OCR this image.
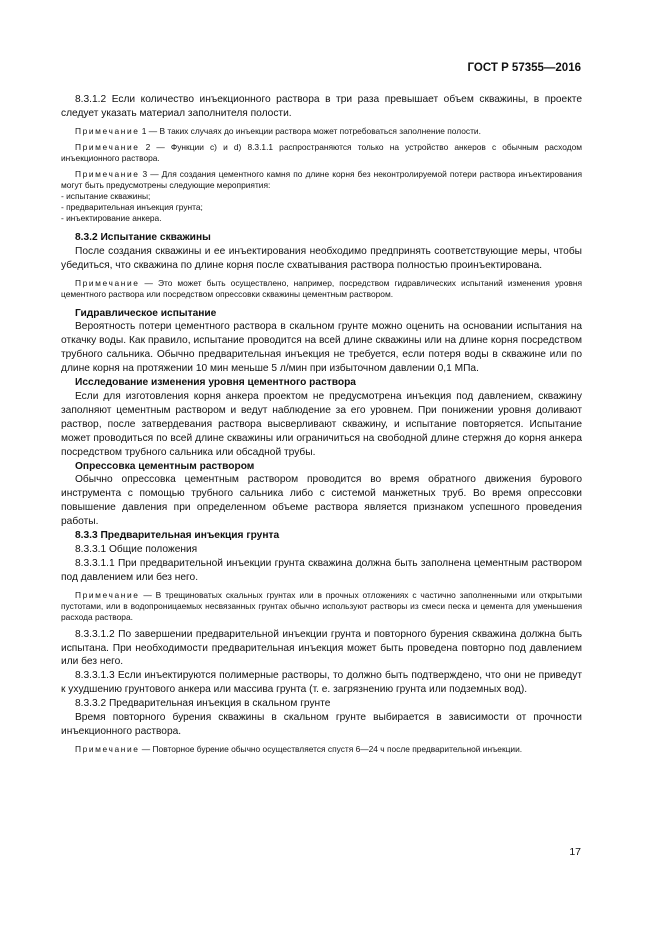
ГОСТ Р 57355—2016

8.3.1.2 Если количество инъекционного раствора в три раза превышает объем скважины, в проекте следует указать материал заполнителя полости.

Примечание 1 — В таких случаях до инъекции раствора может потребоваться заполнение полости.

Примечание 2 — Функции c) и d) 8.3.1.1 распространяются только на устройство анкеров с обычным расходом инъекционного раствора.

Примечание 3 — Для создания цементного камня по длине корня без неконтролируемой потери раствора инъектирования могут быть предусмотрены следующие мероприятия:

- испытание скважины;

- предварительная инъекция грунта;

- инъектирование анкера.

8.3.2 Испытание скважины

После создания скважины и ее инъектирования необходимо предпринять соответствующие меры, чтобы убедиться, что скважина по длине корня после схватывания раствора полностью проинъектирована.

Примечание — Это может быть осуществлено, например, посредством гидравлических испытаний изменения уровня цементного раствора или посредством опрессовки скважины цементным раствором.

Гидравлическое испытание

Вероятность потери цементного раствора в скальном грунте можно оценить на основании испытания на откачку воды. Как правило, испытание проводится на всей длине скважины или на длине корня посредством трубного сальника. Обычно предварительная инъекция не требуется, если потеря воды в скважине или по длине корня на протяжении 10 мин меньше 5 л/мин при избыточном давлении 0,1 МПа.

Исследование изменения уровня цементного раствора

Если для изготовления корня анкера проектом не предусмотрена инъекция под давлением, скважину заполняют цементным раствором и ведут наблюдение за его уровнем. При понижении уровня доливают раствор, после затвердевания раствора высверливают скважину, и испытание повторяется. Испытание может проводиться по всей длине скважины или ограничиться на свободной длине стержня до корня анкера посредством трубного сальника или обсадной трубы.

Опрессовка цементным раствором

Обычно опрессовка цементным раствором проводится во время обратного движения бурового инструмента с помощью трубного сальника либо с системой манжетных труб. Во время опрессовки повышение давления при определенном объеме раствора является признаком успешного проведения работы.

8.3.3 Предварительная инъекция грунта

8.3.3.1 Общие положения

8.3.3.1.1 При предварительной инъекции грунта скважина должна быть заполнена цементным раствором под давлением или без него.

Примечание — В трещиноватых скальных грунтах или в прочных отложениях с частично заполненными или открытыми пустотами, или в водопроницаемых несвязанных грунтах обычно используют растворы из смеси песка и цемента для уменьшения расхода раствора.

8.3.3.1.2 По завершении предварительной инъекции грунта и повторного бурения скважина должна быть испытана. При необходимости предварительная инъекция может быть проведена повторно под давлением или без него.

8.3.3.1.3 Если инъектируются полимерные растворы, то должно быть подтверждено, что они не приведут к ухудшению грунтового анкера или массива грунта (т. е. загрязнению грунта или подземных вод).

8.3.3.2 Предварительная инъекция в скальном грунте

Время повторного бурения скважины в скальном грунте выбирается в зависимости от прочности инъекционного раствора.

Примечание — Повторное бурение обычно осуществляется спустя 6—24 ч после предварительной инъекции.

17
